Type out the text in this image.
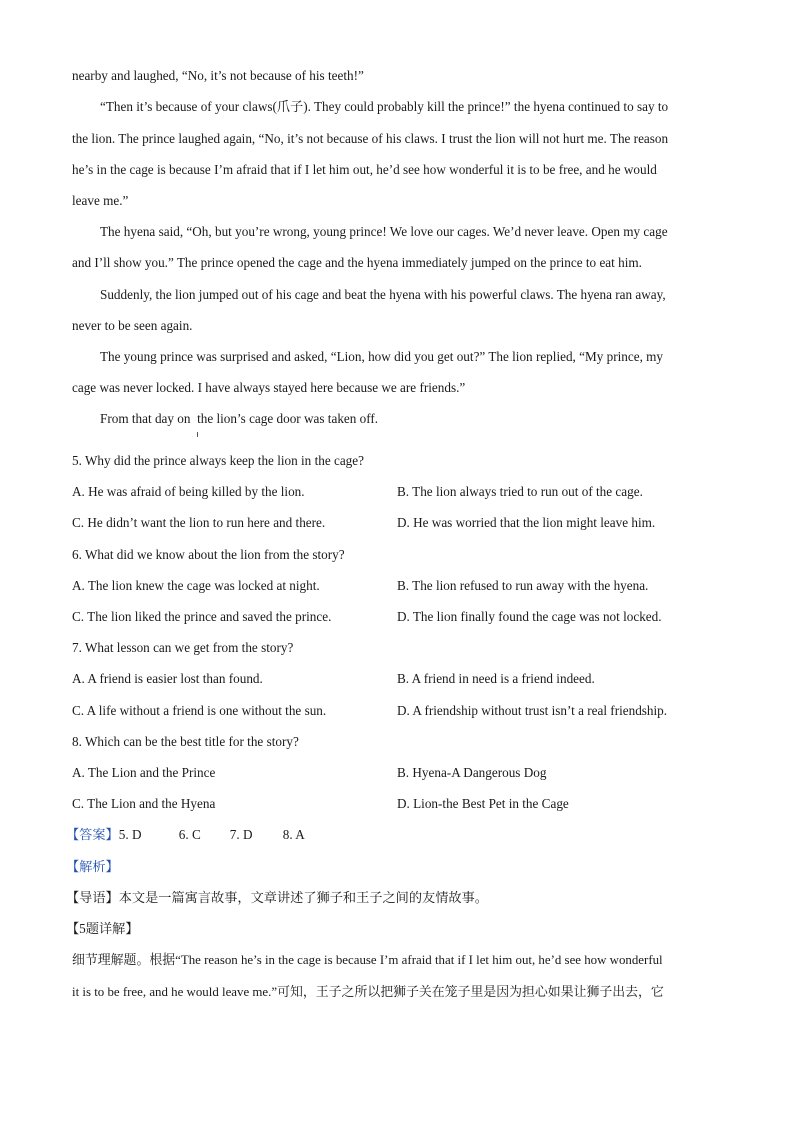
nearby and laughed, “No, it’s not because of his teeth!”
“Then it’s because of your claws(爪子). They could probably kill the prince!” the hyena continued to say to
the lion. The prince laughed again, “No, it’s not because of his claws. I trust the lion will not hurt me. The reason
he’s in the cage is because I’m afraid that if I let him out, he’d see how wonderful it is to be free, and he would
leave me.”
The hyena said, “Oh, but you’re wrong, young prince! We love our cages. We’d never leave. Open my cage
and I’ll show you.” The prince opened the cage and the hyena immediately jumped on the prince to eat him.
Suddenly, the lion jumped out of his cage and beat the hyena with his powerful claws. The hyena ran away,
never to be seen again.
The young prince was surprised and asked, “Lion, how did you get out?” The lion replied, “My prince, my
cage was never locked. I have always stayed here because we are friends.”
From that day on  the lion’s cage door was taken off.
5. Why did the prince always keep the lion in the cage?
A. He was afraid of being killed by the lion.	B. The lion always tried to run out of the cage.
C. He didn’t want the lion to run here and there.	D. He was worried that the lion might leave him.
6. What did we know about the lion from the story?
A. The lion knew the cage was locked at night.	B. The lion refused to run away with the hyena.
C. The lion liked the prince and saved the prince.	D. The lion finally found the cage was not locked.
7. What lesson can we get from the story?
A. A friend is easier lost than found.	B. A friend in need is a friend indeed.
C. A life without a friend is one without the sun.	D. A friendship without trust isn’t a real friendship.
8. Which can be the best title for the story?
A. The Lion and the Prince	B. Hyena-A Dangerous Dog
C. The Lion and the Hyena	D. Lion-the Best Pet in the Cage
【答案】5. D	6. C 7. D 8. A
【解析】
【导语】本文是一篇寓言故事，文章讲述了狮子和王子之间的友情故事。
【5题详解】
细节理解题。根据“The reason he’s in the cage is because I’m afraid that if I let him out, he’d see how wonderful
it is to be free, and he would leave me.”可知，王子之所以把狮子关在笼子里是因为担心如果让狮子出去，它
